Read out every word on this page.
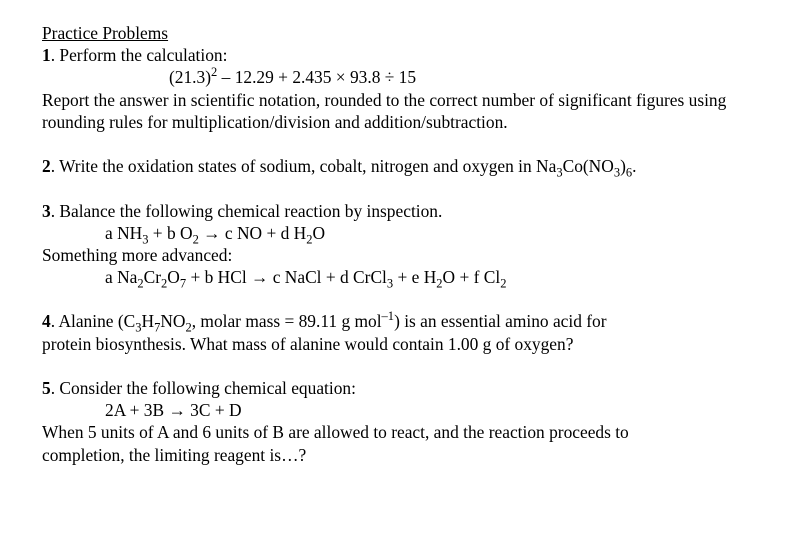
Practice Problems
1. Perform the calculation:
$(21.3)^2 - 12.29 + 2.435 \times 93.8 \div 15$
Report the answer in scientific notation, rounded to the correct number of significant figures using
rounding rules for multiplication/division and addition/subtraction.
2. Write the oxidation states of sodium, cobalt, nitrogen and oxygen in $Na_3Co(NO_3)_6$.
3. Balance the following chemical reaction by inspection.
a $NH_3 + b$ $O_2 \to c$ NO + d $H_2O$
Something more advanced:
a $Na_2Cr_2O_7 + b$ HCl → c NaCl + d CrCl$_3$ + e $H_2O + f$ $Cl_2$
4. Alanine ($C_3H_7NO_2$, molar mass = 89.11 g mol$^{-1}$) is an essential amino acid for
protein biosynthesis. What mass of alanine would contain 1.00 g of oxygen?
5. Consider the following chemical equation:
2A + 3B → 3C + D
When 5 units of A and 6 units of B are allowed to react, and the reaction proceeds to
completion, the limiting reagent is…?
